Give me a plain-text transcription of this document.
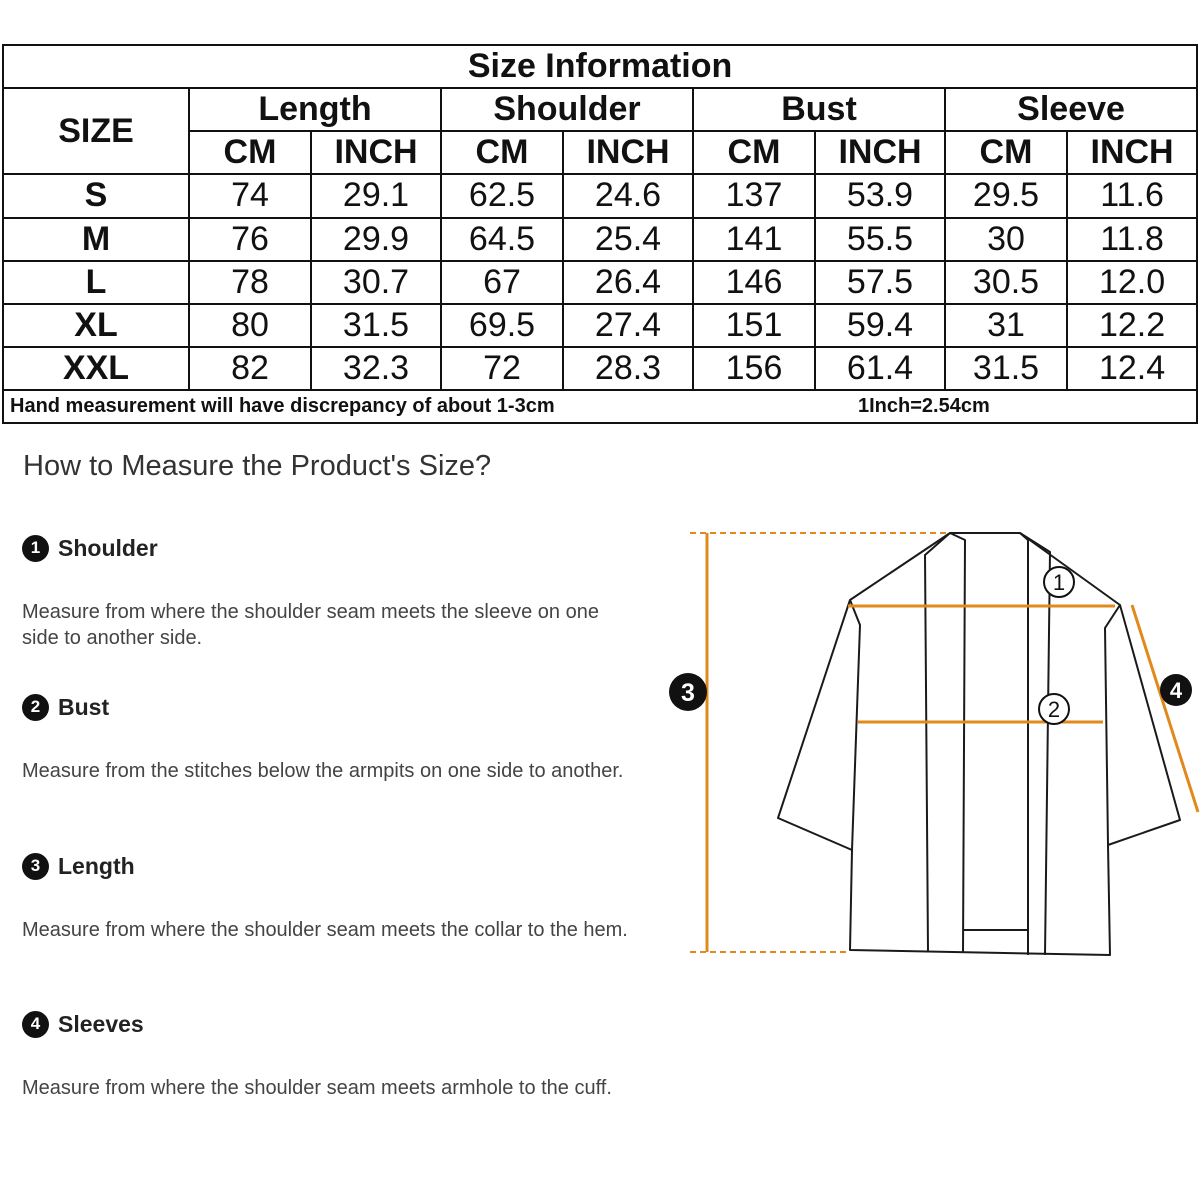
Size Information								
SIZE	Length		Shoulder		Bust		Sleeve	
	CM	INCH	CM	INCH	CM	INCH	CM	INCH
S	74	29.1	62.5	24.6	137	53.9	29.5	11.6
M	76	29.9	64.5	25.4	141	55.5	30	11.8
L	78	30.7	67	26.4	146	57.5	30.5	12.0
XL	80	31.5	69.5	27.4	151	59.4	31	12.2
XXL	82	32.3	72	28.3	156	61.4	31.5	12.4
Hand measurement will have discrepancy of about 1-3cm 1Inch=2.54cm								
How to Measure the Product's Size?
1 Shoulder

Measure from where the shoulder seam meets the sleeve on one side to another side.

2 Bust

Measure from the stitches below the armpits on one side to another.

3 Length

Measure from where the shoulder seam meets the collar to the hem.

4 Sleeves

Measure from where the shoulder seam meets armhole to the cuff.

1
2
3	4
